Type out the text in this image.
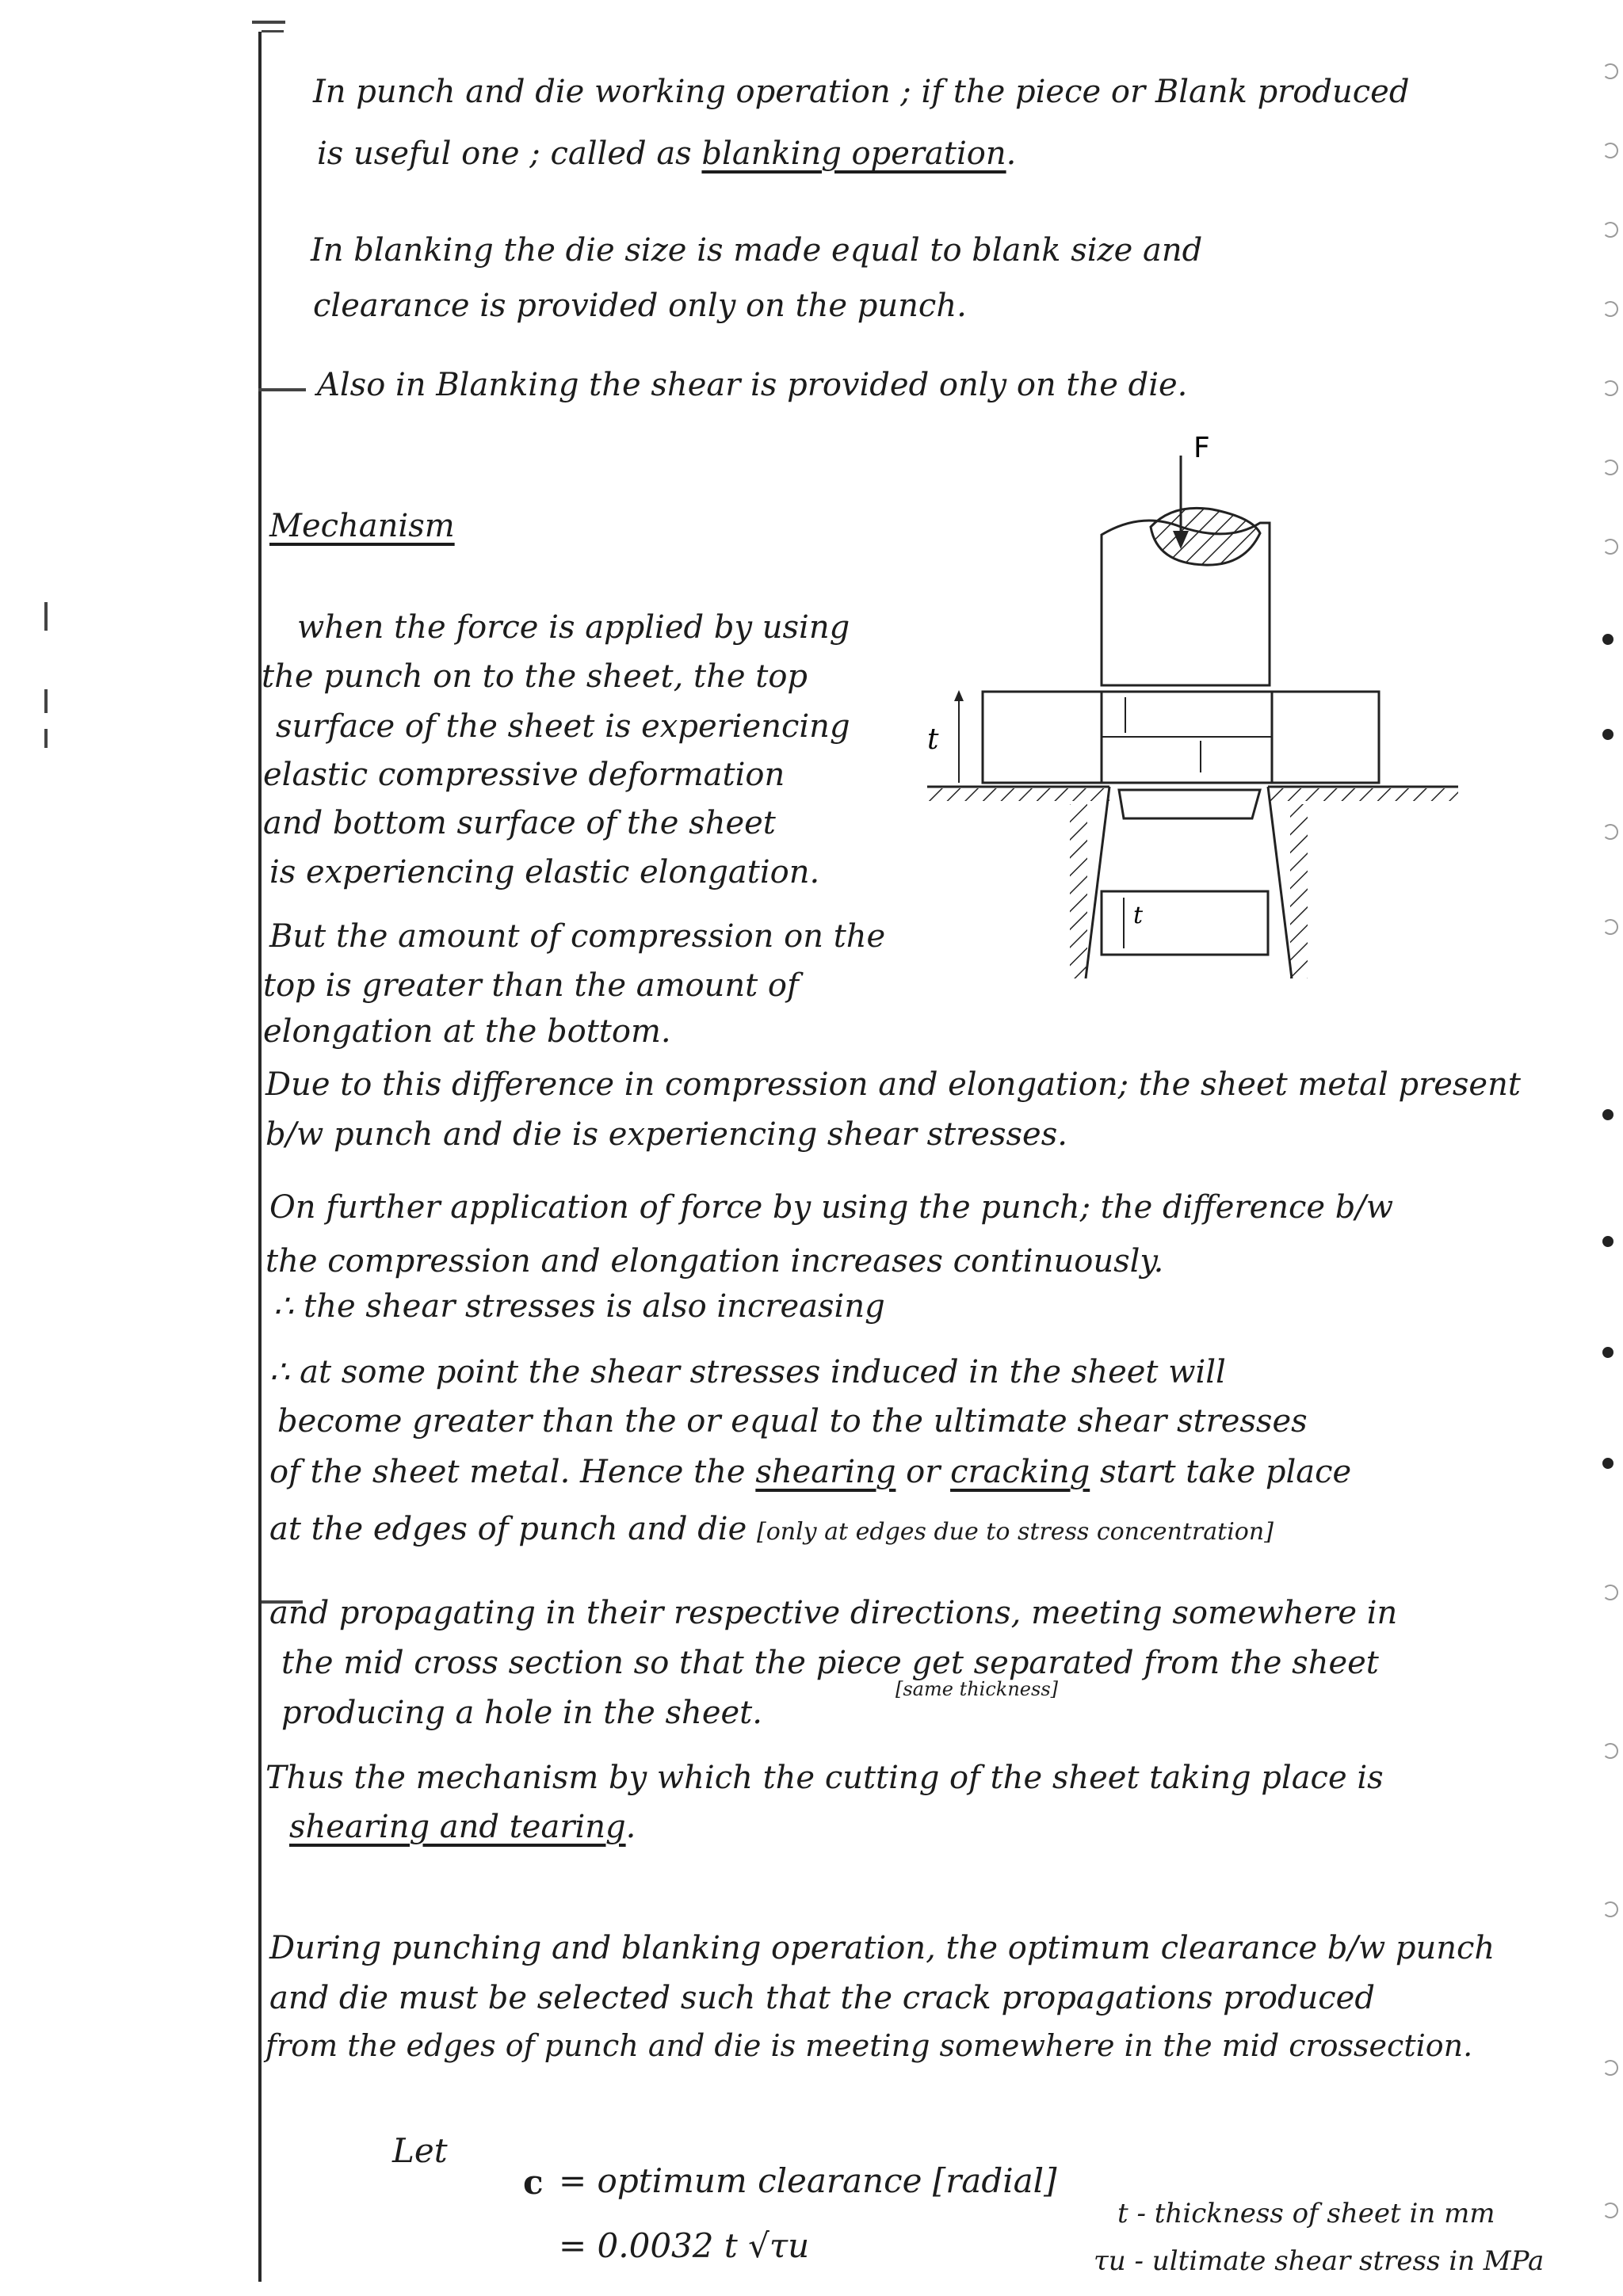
In punch and die working operation ; if the piece or Blank produced
is useful one ; called as blanking operation.
In blanking the die size is made equal to blank size and
clearance is provided only on the punch.
Also in Blanking the shear is provided only on the die.
Mechanism
when the force is applied by using
the punch on to the sheet, the top
surface of the sheet is experiencing
elastic compressive deformation
and bottom surface of the sheet
is experiencing elastic elongation.
But the amount of compression on the
top is greater than the amount of
elongation at the bottom.
F
t
t
Due to this difference in compression and elongation; the sheet metal present
b/w punch and die is experiencing shear stresses.
On further application of force by using the punch; the difference b/w
the compression and elongation increases continuously.
∴ the shear stresses is also increasing
∴ at some point the shear stresses induced in the sheet will
become greater than the or equal to the ultimate shear stresses
of the sheet metal. Hence the shearing or cracking start take place
at the edges of punch and die [only at edges due to stress concentration]
and propagating in their respective directions, meeting somewhere in
the mid cross section so that the piece get separated from the sheet
[same thickness]
producing a hole in the sheet.
Thus the mechanism by which the cutting of the sheet taking place is
shearing and tearing.
During punching and blanking operation, the optimum clearance b/w punch
and die must be selected such that the crack propagations produced
from the edges of punch and die is meeting somewhere in the mid crossection.
Let
c = optimum clearance [radial]
= 0.0032 t √τu
t - thickness of sheet in mm
τu - ultimate shear stress in MPa
